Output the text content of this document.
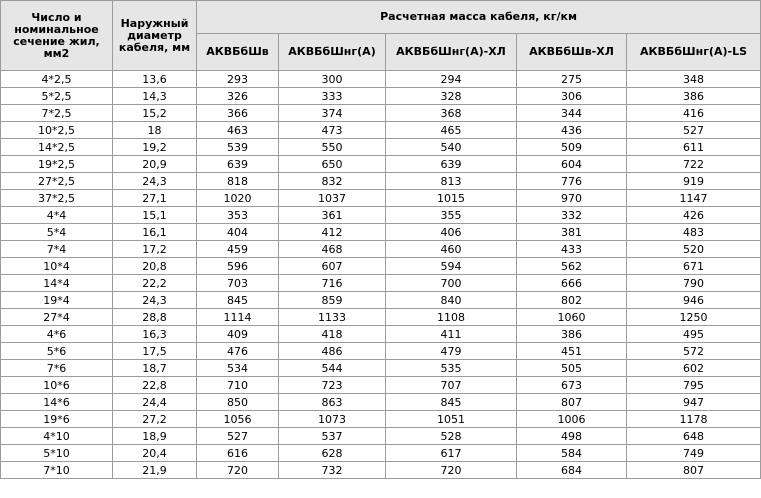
Число и номинальное сечение жил, мм2	Наружный диаметр кабеля, мм	Расчетная масса кабеля, кг/км				
		АКВБбШв	АКВБбШнг(А)	АКВБбШнг(А)-ХЛ	АКВБбШв-ХЛ	АКВБбШнг(А)-LS
4*2,5	13,6	293	300	294	275	348
5*2,5	14,3	326	333	328	306	386
7*2,5	15,2	366	374	368	344	416
10*2,5	18	463	473	465	436	527
14*2,5	19,2	539	550	540	509	611
19*2,5	20,9	639	650	639	604	722
27*2,5	24,3	818	832	813	776	919
37*2,5	27,1	1020	1037	1015	970	1147
4*4	15,1	353	361	355	332	426
5*4	16,1	404	412	406	381	483
7*4	17,2	459	468	460	433	520
10*4	20,8	596	607	594	562	671
14*4	22,2	703	716	700	666	790
19*4	24,3	845	859	840	802	946
27*4	28,8	1114	1133	1108	1060	1250
4*6	16,3	409	418	411	386	495
5*6	17,5	476	486	479	451	572
7*6	18,7	534	544	535	505	602
10*6	22,8	710	723	707	673	795
14*6	24,4	850	863	845	807	947
19*6	27,2	1056	1073	1051	1006	1178
4*10	18,9	527	537	528	498	648
5*10	20,4	616	628	617	584	749
7*10	21,9	720	732	720	684	807
